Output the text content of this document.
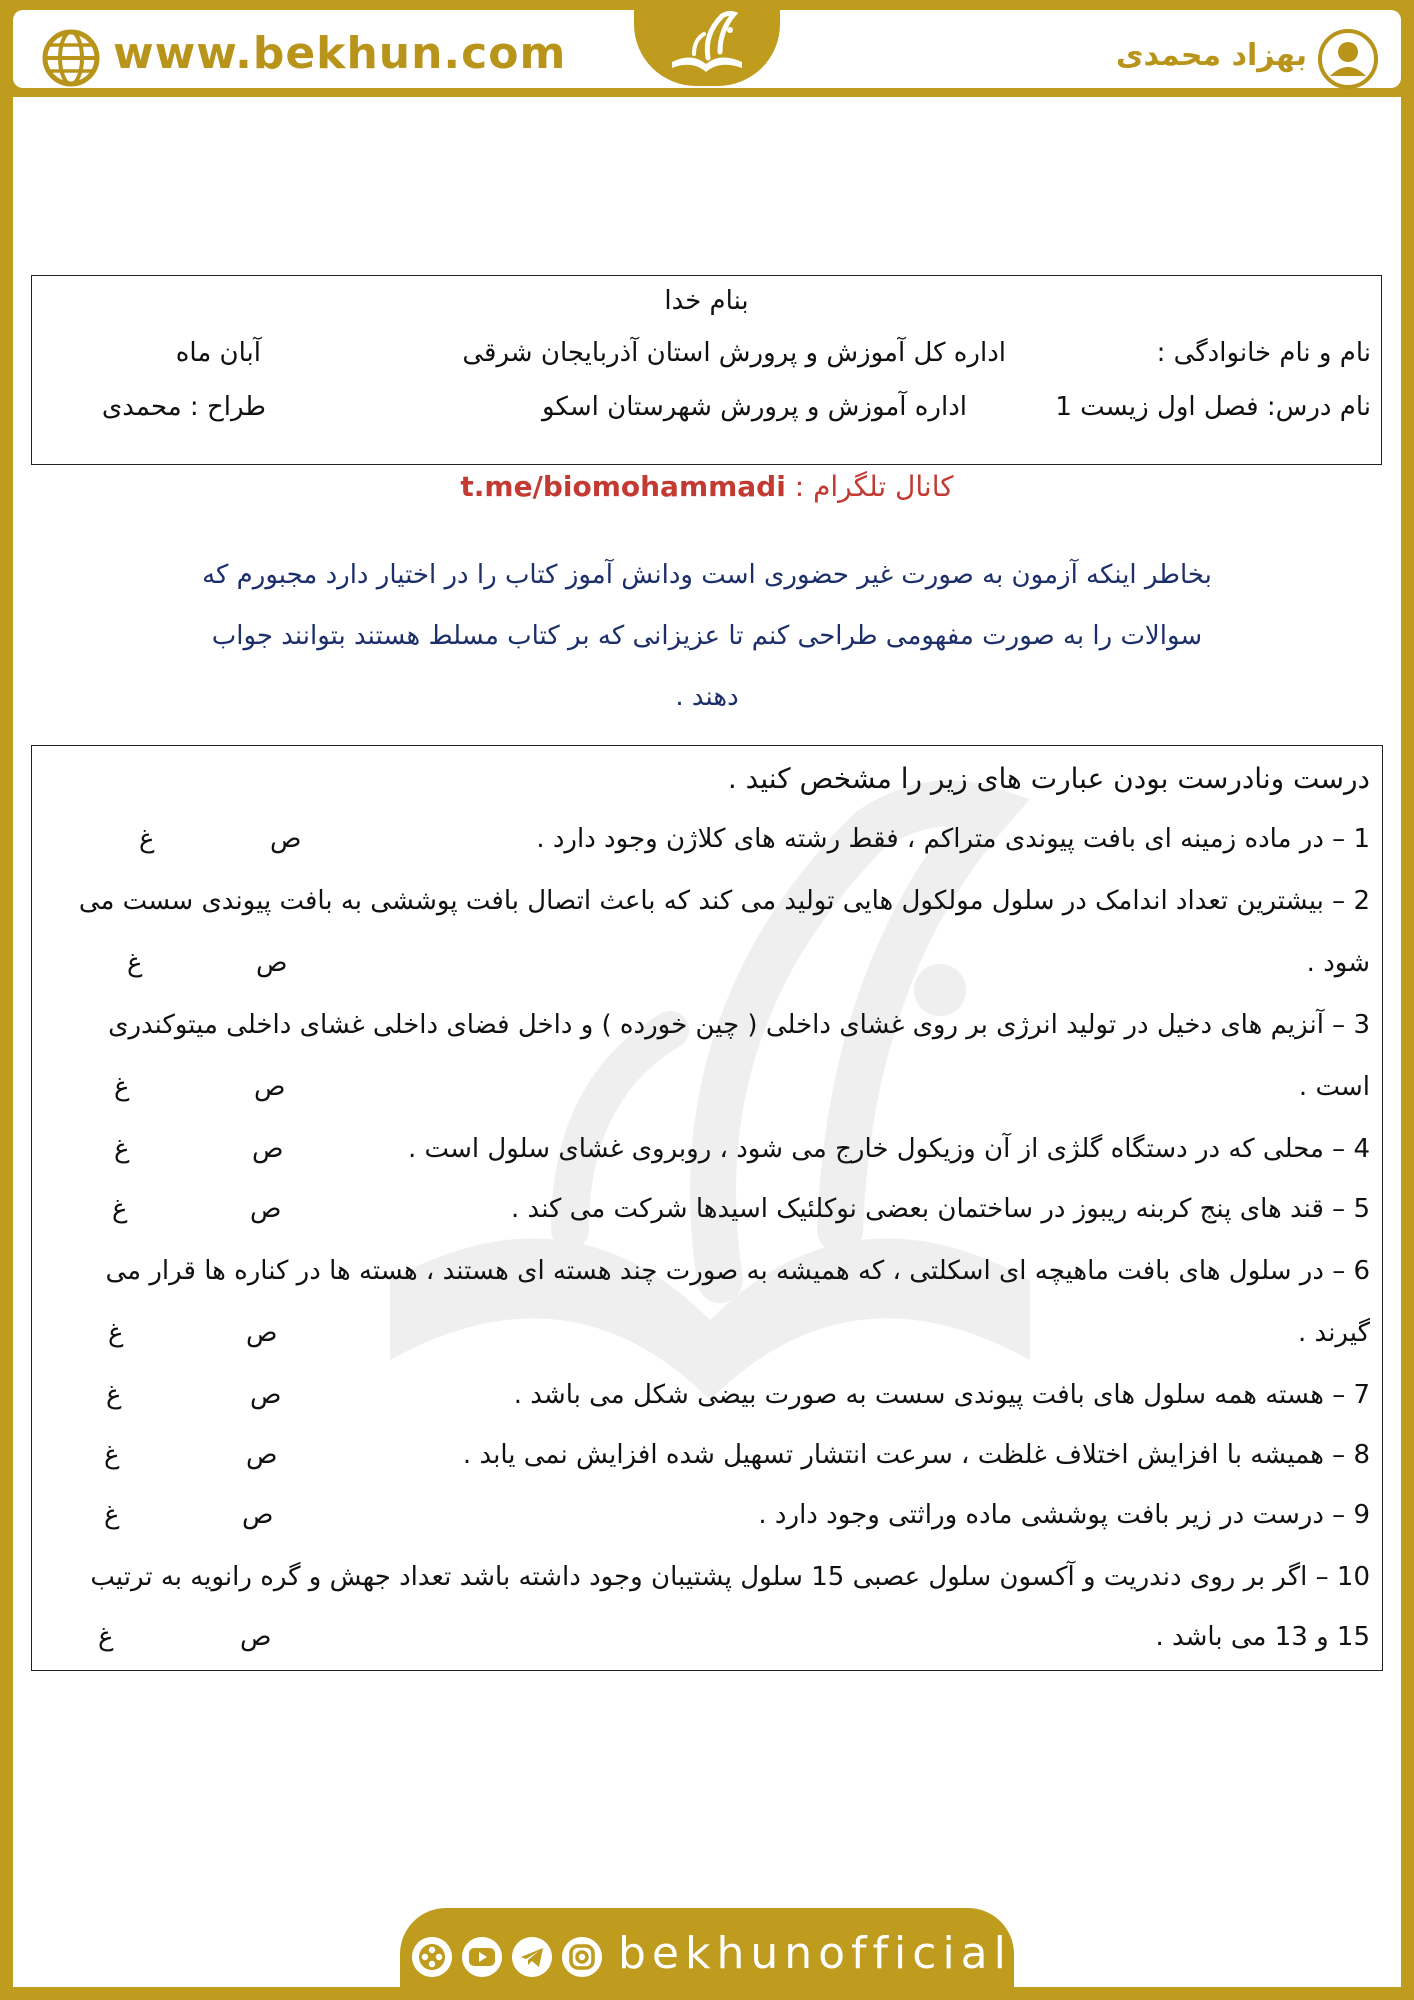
www.bekhun.com	بهزاد محمدی
بنام خدا
نام و نام خانوادگی :
اداره کل آموزش و پرورش استان آذربایجان شرقی
آبان ماه
نام درس: فصل اول زیست 1
اداره آموزش و پرورش شهرستان اسکو
طراح : محمدی
کانال تلگرام : t.me/biomohammadi
بخاطر اینکه آزمون به صورت غیر حضوری است ودانش آموز کتاب را در اختیار دارد مجبورم که
سوالات را به صورت مفهومی طراحی کنم تا عزیزانی که بر کتاب مسلط هستند بتوانند جواب
دهند .
درست ونادرست بودن عبارت های زیر را مشخص کنید .
1 – در ماده زمینه ای بافت پیوندی متراکم ، فقط رشته های کلاژن وجود دارد .
ص
غ
2 – بیشترین تعداد اندامک در سلول مولکول هایی تولید می کند که باعث اتصال بافت پوششی به بافت پیوندی سست می
شود .
ص
غ
3 – آنزیم های دخیل در تولید انرژی بر روی غشای داخلی ( چین خورده ) و داخل فضای داخلی غشای داخلی میتوکندری
است .
ص
غ
4 – محلی که در دستگاه گلژی از آن وزیکول خارج می شود ، روبروی غشای سلول است .
ص
غ
5 – قند های پنج کربنه ریبوز در ساختمان بعضی نوکلئیک اسیدها شرکت می کند .
ص
غ
6 – در سلول های بافت ماهیچه ای اسکلتی ، که همیشه به صورت چند هسته ای هستند ، هسته ها در کناره ها قرار می
گیرند .
ص
غ
7 – هسته همه سلول های بافت پیوندی سست به صورت بیضی شکل می باشد .
ص
غ
8 – همیشه با افزایش اختلاف غلظت ، سرعت انتشار تسهیل شده افزایش نمی یابد .
ص
غ
9 – درست در زیر بافت پوششی ماده وراثتی وجود دارد .
ص
غ
10 – اگر بر روی دندریت و آکسون سلول عصبی 15 سلول پشتیبان وجود داشته باشد تعداد جهش و گره رانویه به ترتیب
15 و 13 می باشد .
ص
غ
bekhunofficial
